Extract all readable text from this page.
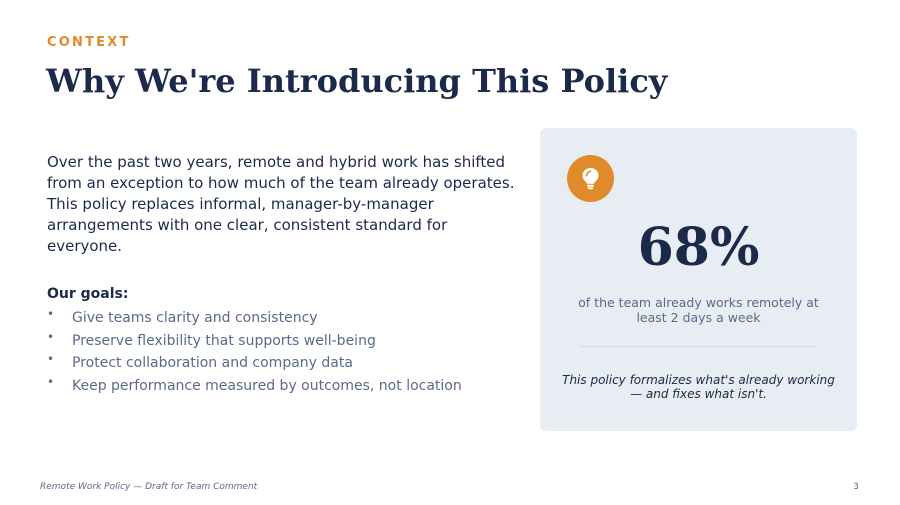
CONTEXT
Why We're Introducing This Policy

Over the past two years, remote and hybrid work has shifted from an exception to how much of the team already operates. This policy replaces informal, manager-by-manager arrangements with one clear, consistent standard for everyone.

Our goals:
• Give teams clarity and consistency
• Preserve flexibility that supports well-being
• Protect collaboration and company data
• Keep performance measured by outcomes, not location
68%
of the team already works remotely at least 2 days a week
This policy formalizes what's already working — and fixes what isn't.
Remote Work Policy — Draft for Team Comment	3
